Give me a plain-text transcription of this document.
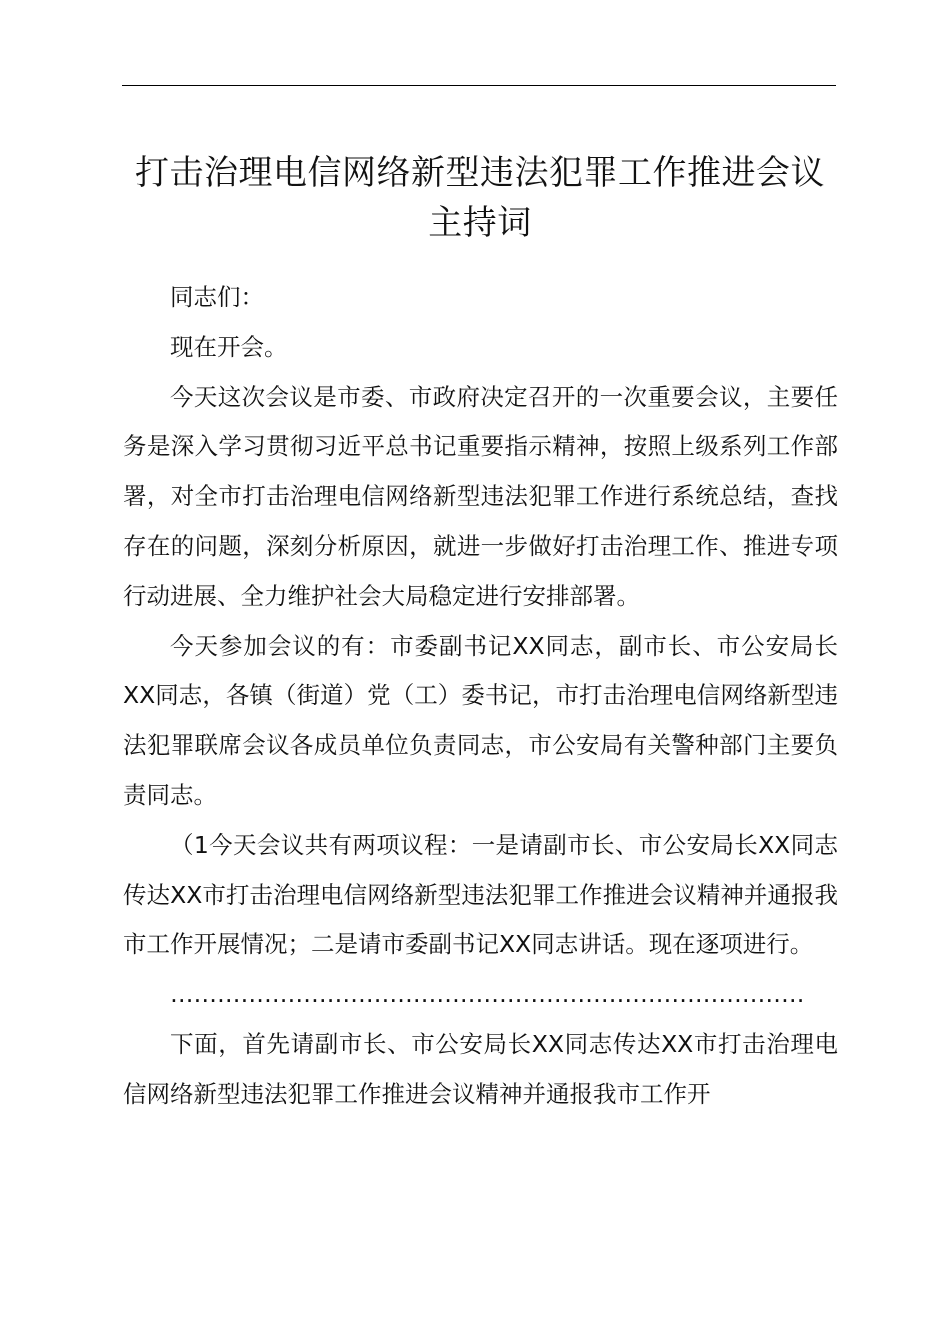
打击治理电信网络新型违法犯罪工作推进会议
主持词

同志们：

现在开会。

今天这次会议是市委、市政府决定召开的一次重要会议，主要任务是深入学习贯彻习近平总书记重要指示精神，按照上级系列工作部署，对全市打击治理电信网络新型违法犯罪工作进行系统总结，查找存在的问题，深刻分析原因，就进一步做好打击治理工作、推进专项行动进展、全力维护社会大局稳定进行安排部署。

今天参加会议的有：市委副书记XX同志，副市长、市公安局长XX同志，各镇（街道）党（工）委书记，市打击治理电信网络新型违法犯罪联席会议各成员单位负责同志，市公安局有关警种部门主要负责同志。

（1今天会议共有两项议程：一是请副市长、市公安局长XX同志传达XX市打击治理电信网络新型违法犯罪工作推进会议精神并通报我市工作开展情况；二是请市委副书记XX同志讲话。现在逐项进行。

………………………………………………………………………

下面，首先请副市长、市公安局长XX同志传达XX市打击治理电信网络新型违法犯罪工作推进会议精神并通报我市工作开
